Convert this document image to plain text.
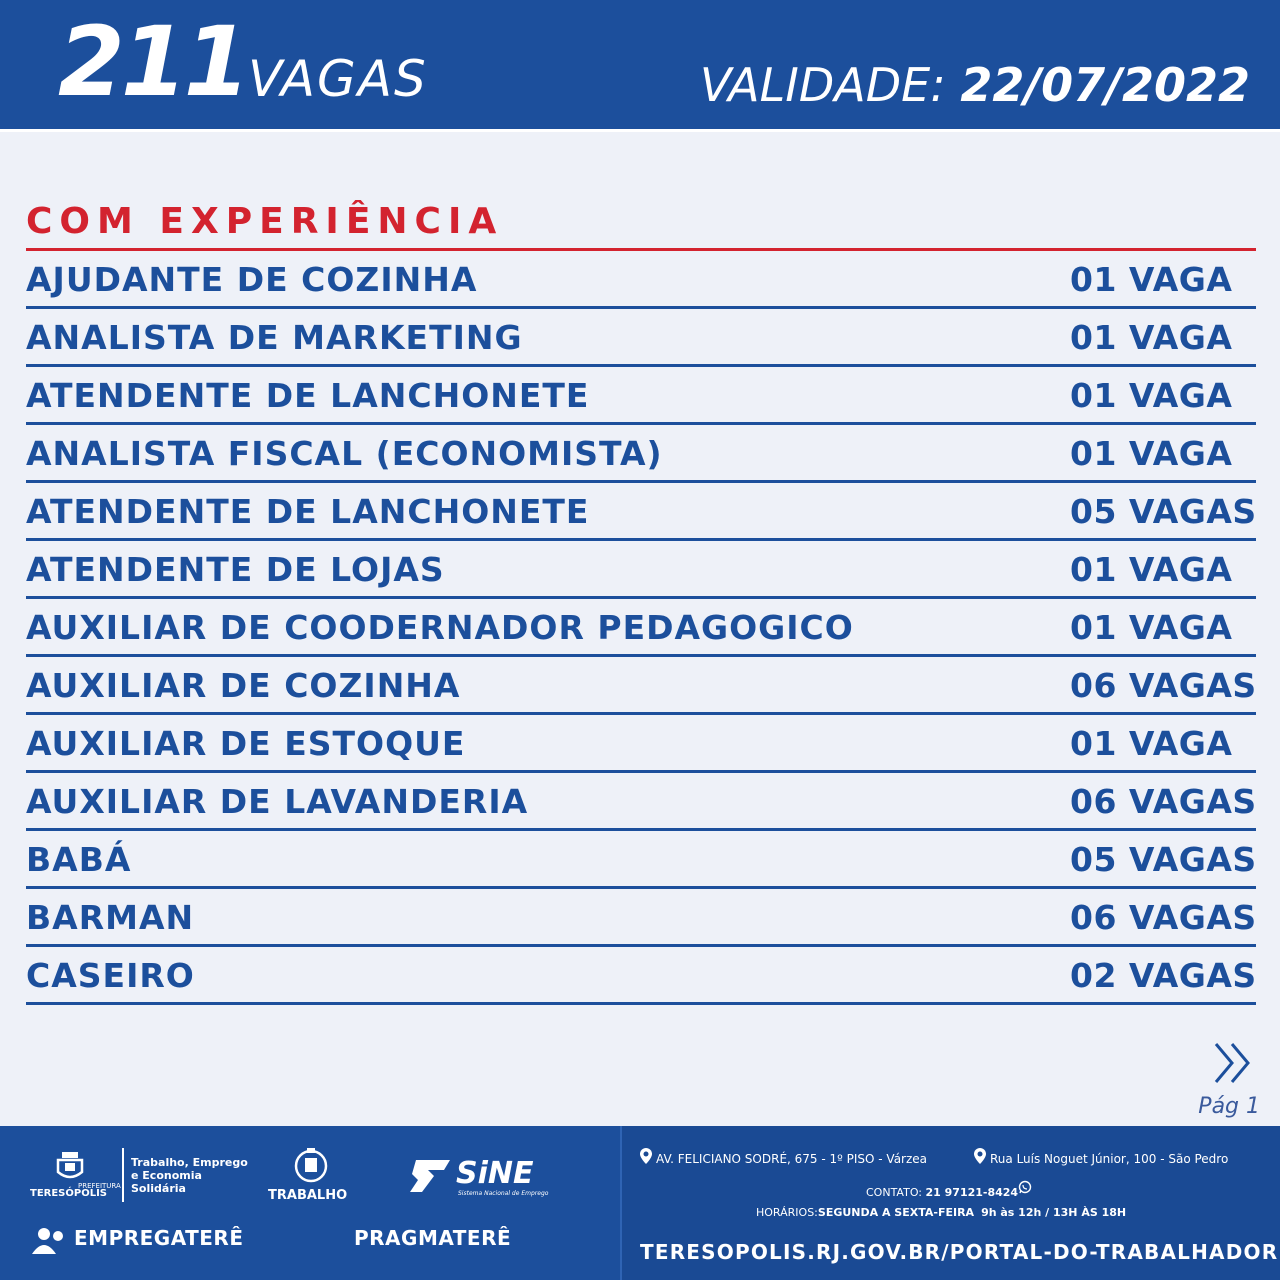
211 VAGAS	VALIDADE: 22/07/2022
COM EXPERIÊNCIA
AJUDANTE DE COZINHA	01 VAGA
ANALISTA DE MARKETING	01 VAGA
ATENDENTE DE LANCHONETE	01 VAGA
ANALISTA FISCAL (ECONOMISTA)	01 VAGA
ATENDENTE DE LANCHONETE	05 VAGAS
ATENDENTE DE LOJAS	01 VAGA
AUXILIAR DE COODERNADOR PEDAGOGICO	01 VAGA
AUXILIAR DE COZINHA	06 VAGAS
AUXILIAR DE ESTOQUE	01 VAGA
AUXILIAR DE LAVANDERIA	06 VAGAS
BABÁ	05 VAGAS
BARMAN	06 VAGAS
CASEIRO	02 VAGAS
Pág 1
PREFEITURA
TERESÓPOLIS
Trabalho, Emprego
e Economia
Solidária	TRABALHO
SiNE
Sistema Nacional de Emprego
EMPREGATERÊ	PRAGMATERÊ
AV. FELICIANO SODRÉ, 675 - 1º PISO - Várzea	Rua Luís Noguet Júnior, 100 - São Pedro
CONTATO: 21 97121-8424
HORÁRIOS:SEGUNDA A SEXTA-FEIRA 9h às 12h / 13H ÀS 18H
TERESOPOLIS.RJ.GOV.BR/PORTAL-DO-TRABALHADOR
